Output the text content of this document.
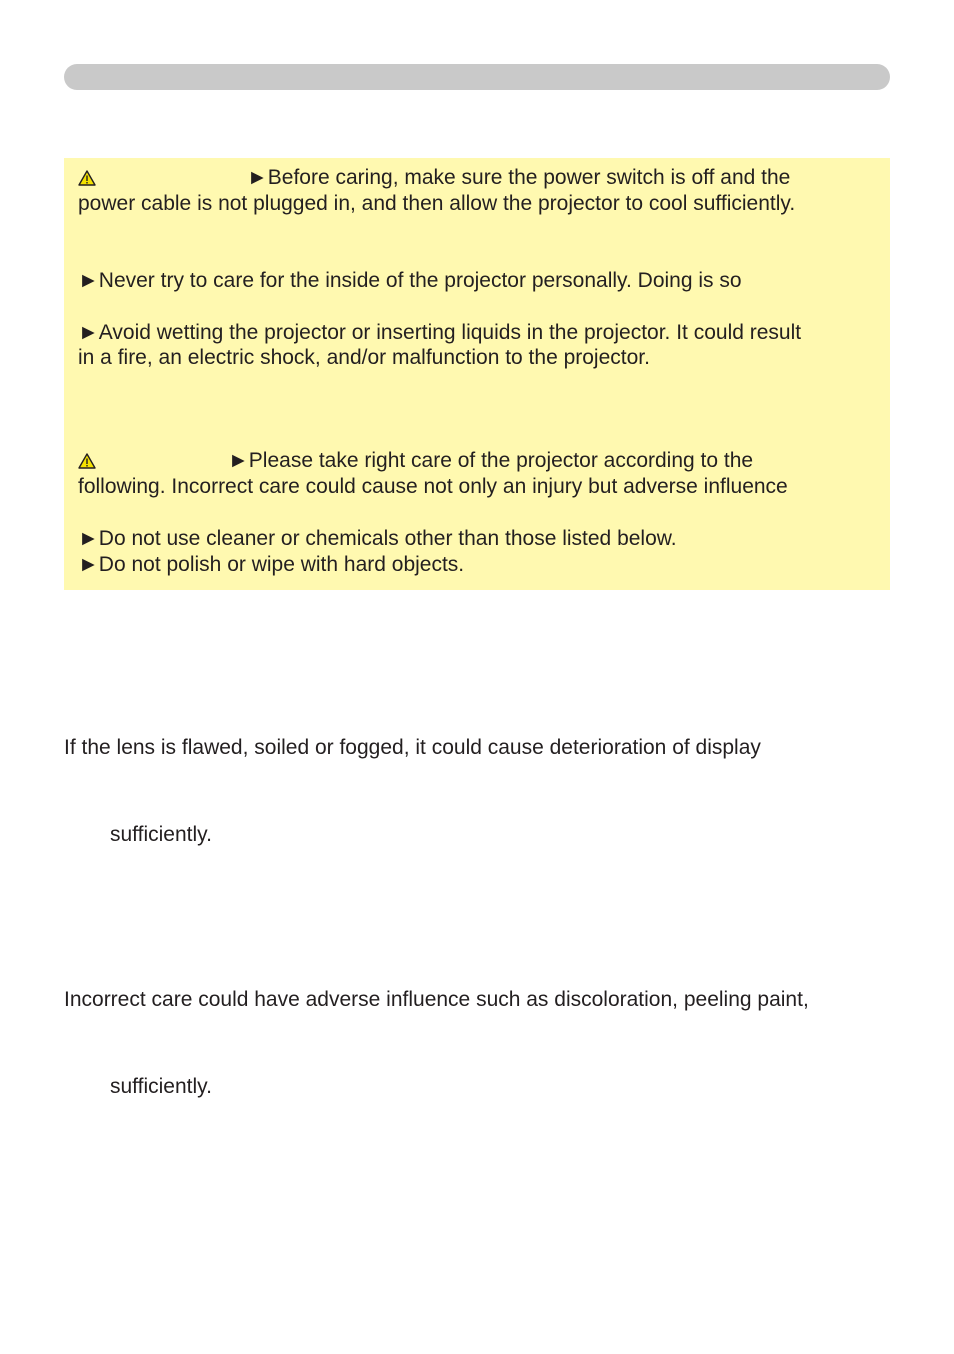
►Before caring, make sure the power switch is off and the
power cable is not plugged in, and then allow the projector to cool sufficiently.
►Never try to care for the inside of the projector personally. Doing is so
►Avoid wetting the projector or inserting liquids in the projector. It could result
in a fire, an electric shock, and/or malfunction to the projector.
►Please take right care of the projector according to the
following. Incorrect care could cause not only an injury but adverse influence
►Do not use cleaner or chemicals other than those listed below.
►Do not polish or wipe with hard objects.
If the lens is flawed, soiled or fogged, it could cause deterioration of display
sufficiently.
Incorrect care could have adverse influence such as discoloration, peeling paint,
sufficiently.
